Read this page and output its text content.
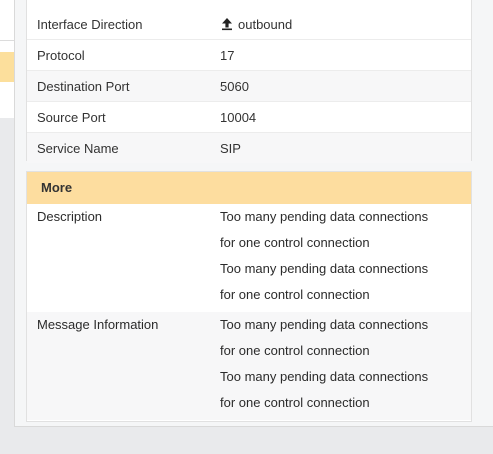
Interface Direction	outbound
Protocol	17
Destination Port	5060
Source Port	10004
Service Name	SIP
More
Description	Too many pending data connections
for one control connection
Too many pending data connections
for one control connection
Message Information	Too many pending data connections
for one control connection
Too many pending data connections
for one control connection
